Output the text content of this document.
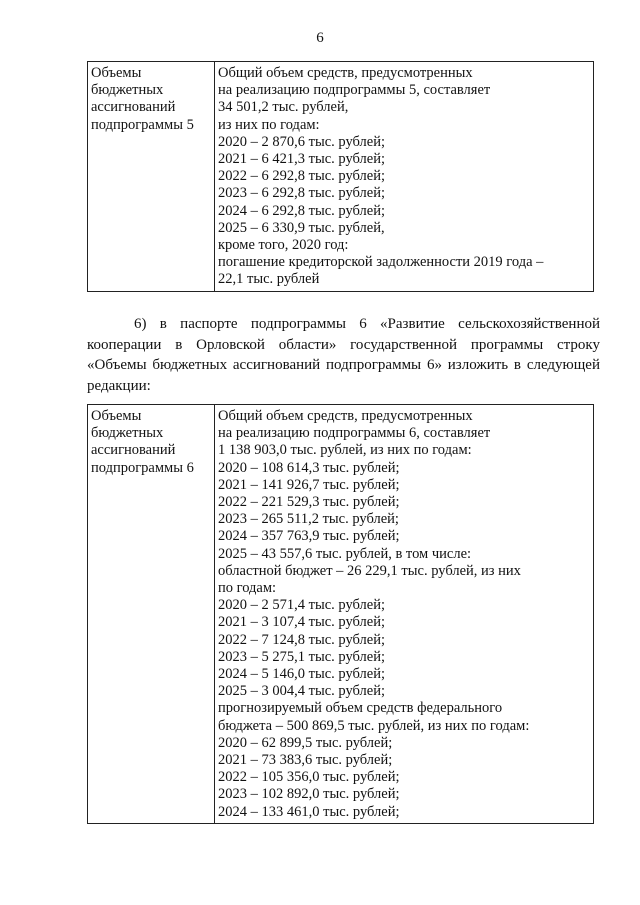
6
Объемы
бюджетных
ассигнований
подпрограммы 5

Общий объем средств, предусмотренных
на реализацию подпрограммы 5, составляет
34 501,2 тыс. рублей,
из них по годам:
2020 – 2 870,6 тыс. рублей;
2021 – 6 421,3 тыс. рублей;
2022 – 6 292,8 тыс. рублей;
2023 – 6 292,8 тыс. рублей;
2024 – 6 292,8 тыс. рублей;
2025 – 6 330,9 тыс. рублей,
кроме того, 2020 год:
погашение кредиторской задолженности 2019 года –
22,1 тыс. рублей
6) в паспорте подпрограммы 6 «Развитие сельскохозяйственной кооперации в Орловской области» государственной программы строку «Объемы бюджетных ассигнований подпрограммы 6» изложить в следующей редакции:
Объемы
бюджетных
ассигнований
подпрограммы 6

Общий объем средств, предусмотренных
на реализацию подпрограммы 6, составляет
1 138 903,0 тыс. рублей, из них по годам:
2020 – 108 614,3 тыс. рублей;
2021 – 141 926,7 тыс. рублей;
2022 – 221 529,3 тыс. рублей;
2023 – 265 511,2 тыс. рублей;
2024 – 357 763,9 тыс. рублей;
2025 – 43 557,6 тыс. рублей, в том числе:
областной бюджет – 26 229,1 тыс. рублей, из них
по годам:
2020 – 2 571,4 тыс. рублей;
2021 – 3 107,4 тыс. рублей;
2022 – 7 124,8 тыс. рублей;
2023 – 5 275,1 тыс. рублей;
2024 – 5 146,0 тыс. рублей;
2025 – 3 004,4 тыс. рублей;
прогнозируемый объем средств федерального
бюджета – 500 869,5 тыс. рублей, из них по годам:
2020 – 62 899,5 тыс. рублей;
2021 – 73 383,6 тыс. рублей;
2022 – 105 356,0 тыс. рублей;
2023 – 102 892,0 тыс. рублей;
2024 – 133 461,0 тыс. рублей;
